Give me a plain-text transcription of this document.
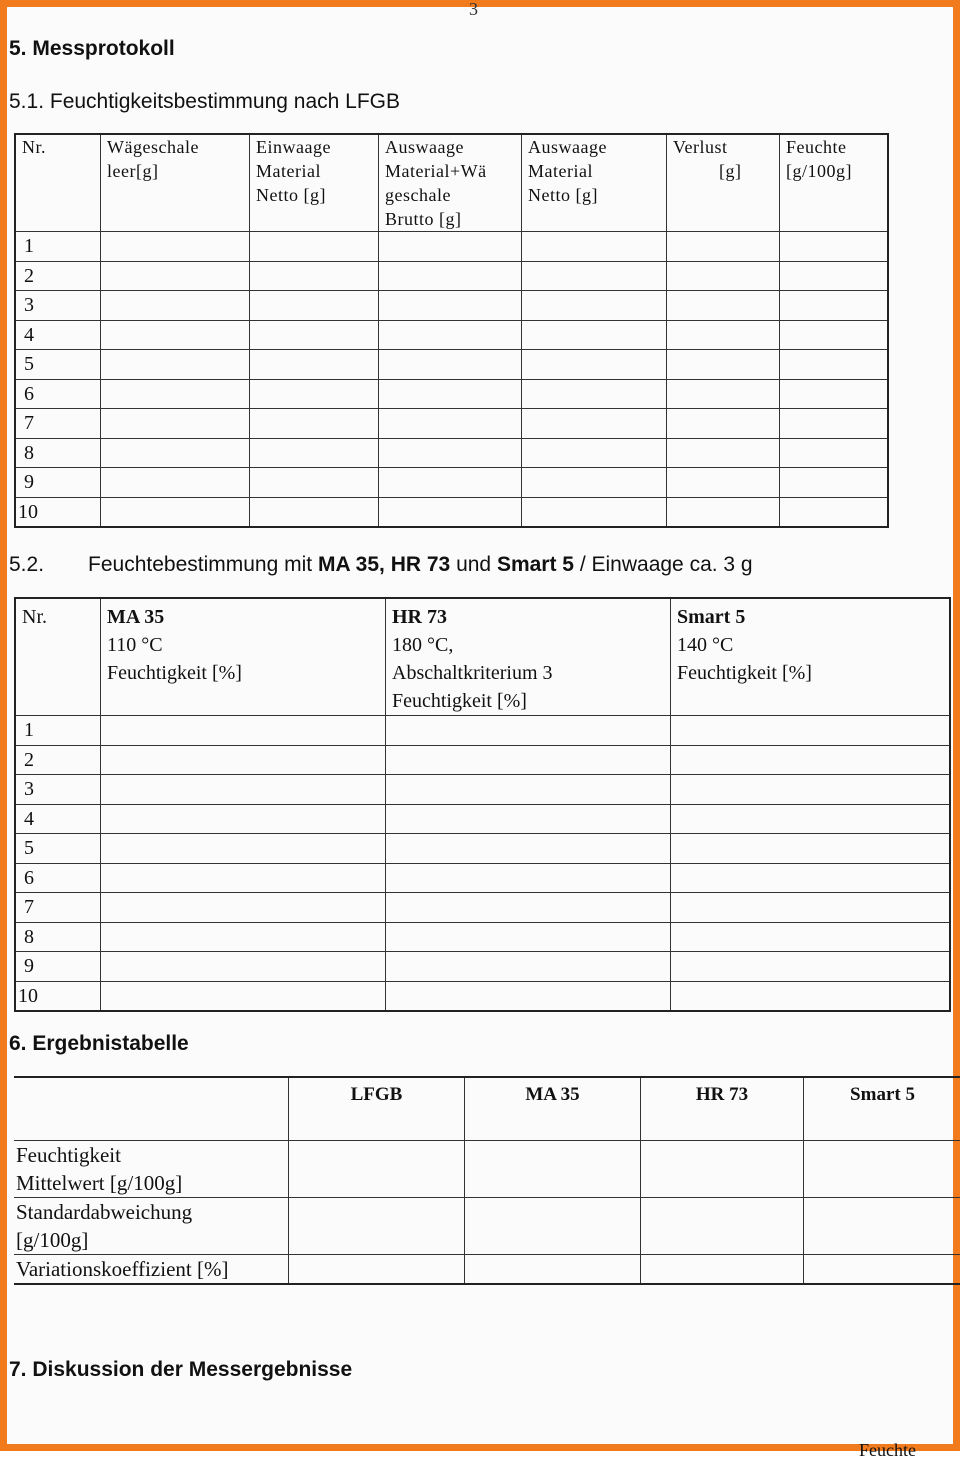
3
5. Messprotokoll
5.1. Feuchtigkeitsbestimmung nach LFGB
Nr.	Wägeschale
leer[g]	Einwaage
Material
Netto [g]	Auswaage
Material+Wä
geschale
Brutto [g]	Auswaage
Material
Netto [g]	Verlust
[g]	Feuchte
[g/100g]
1						
2						
3						
4						
5						
6						
7						
8						
9						
10						
5.2. Feuchtebestimmung mit MA 35, HR 73 und Smart 5 / Einwaage ca. 3 g
Nr.	MA 35
110 °C
Feuchtigkeit [%]	HR 73
180 °C,
Abschaltkriterium 3
Feuchtigkeit [%]	Smart 5
140 °C
Feuchtigkeit [%]
1			
2			
3			
4			
5			
6			
7			
8			
9			
10			
6. Ergebnistabelle
	LFGB	MA 35	HR 73	Smart 5
Feuchtigkeit
Mittelwert [g/100g]				
Standardabweichung
[g/100g]				
Variationskoeffizient [%]				
7. Diskussion der Messergebnisse
Feuchte
